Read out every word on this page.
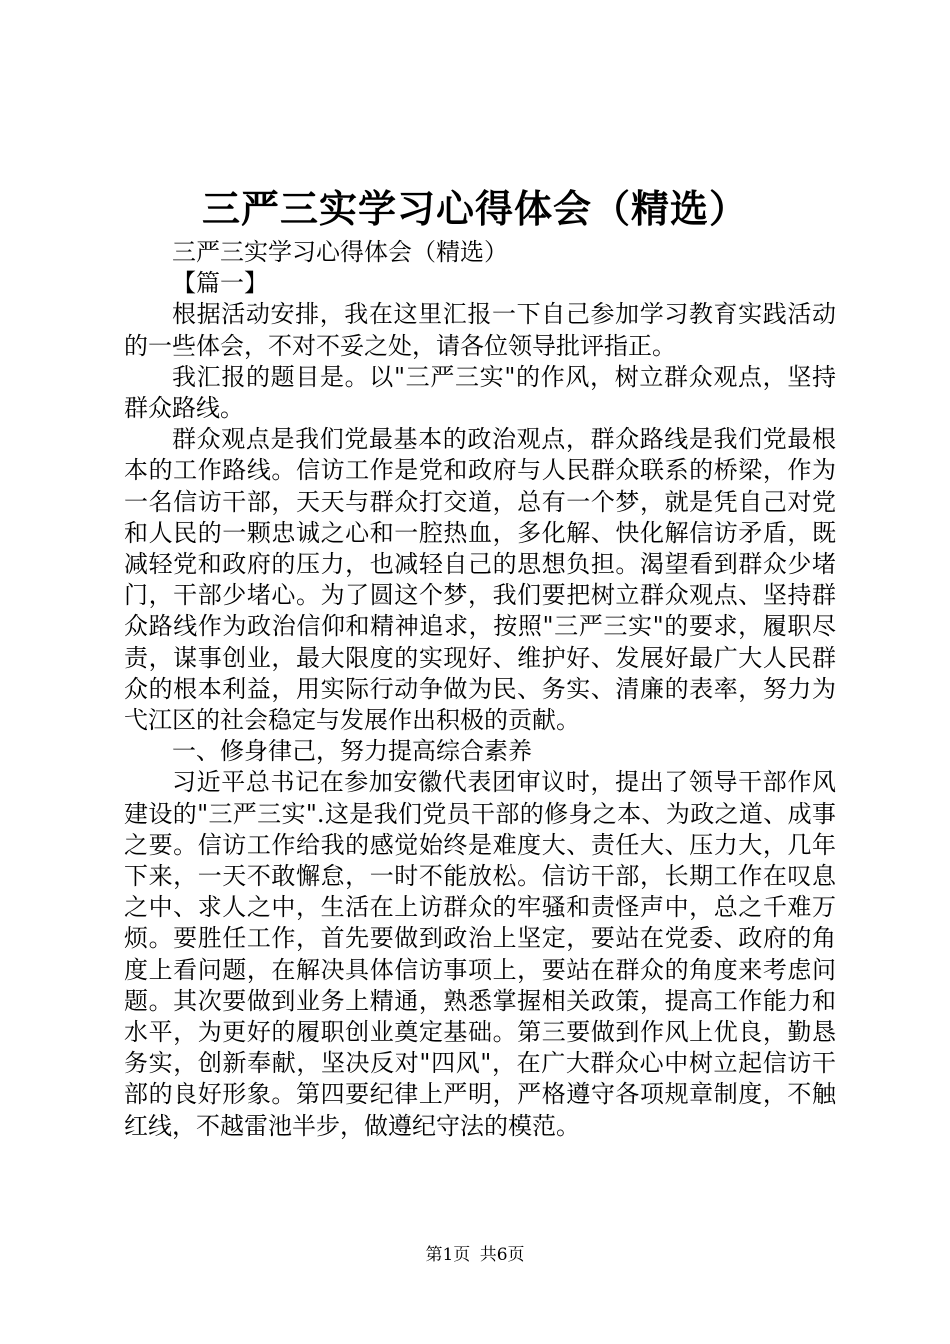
三严三实学习心得体会（精选）

三严三实学习心得体会（精选）

【篇一】

根据活动安排，我在这里汇报一下自己参加学习教育实践活动的一些体会，不对不妥之处，请各位领导批评指正。

我汇报的题目是。以"三严三实"的作风，树立群众观点，坚持群众路线。

群众观点是我们党最基本的政治观点，群众路线是我们党最根本的工作路线。信访工作是党和政府与人民群众联系的桥梁，作为一名信访干部，天天与群众打交道，总有一个梦，就是凭自己对党和人民的一颗忠诚之心和一腔热血，多化解、快化解信访矛盾，既减轻党和政府的压力，也减轻自己的思想负担。渴望看到群众少堵门，干部少堵心。为了圆这个梦，我们要把树立群众观点、坚持群众路线作为政治信仰和精神追求，按照"三严三实"的要求，履职尽责，谋事创业，最大限度的实现好、维护好、发展好最广大人民群众的根本利益，用实际行动争做为民、务实、清廉的表率，努力为弋江区的社会稳定与发展作出积极的贡献。

一、修身律己，努力提高综合素养

习近平总书记在参加安徽代表团审议时，提出了领导干部作风建设的"三严三实".这是我们党员干部的修身之本、为政之道、成事之要。信访工作给我的感觉始终是难度大、责任大、压力大，几年下来，一天不敢懈怠，一时不能放松。信访干部，长期工作在叹息之中、求人之中，生活在上访群众的牢骚和责怪声中，总之千难万烦。要胜任工作，首先要做到政治上坚定，要站在党委、政府的角度上看问题，在解决具体信访事项上，要站在群众的角度来考虑问题。其次要做到业务上精通，熟悉掌握相关政策，提高工作能力和水平，为更好的履职创业奠定基础。第三要做到作风上优良，勤恳务实，创新奉献，坚决反对"四风"，在广大群众心中树立起信访干部的良好形象。第四要纪律上严明，严格遵守各项规章制度，不触红线，不越雷池半步，做遵纪守法的模范。

第1页 共6页
